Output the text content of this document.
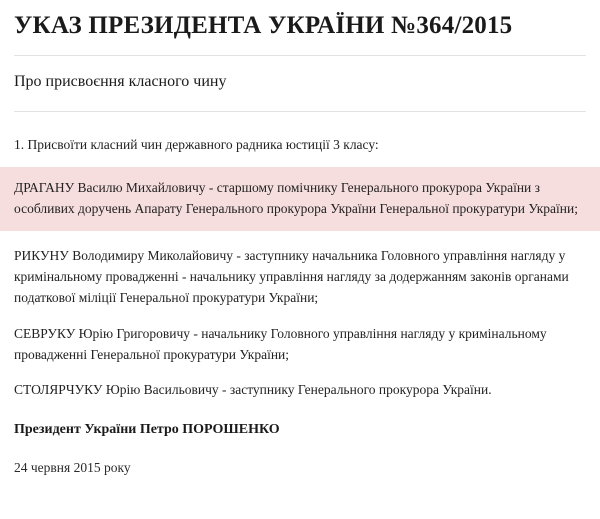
УКАЗ ПРЕЗИДЕНТА УКРАЇНИ №364/2015
Про присвоєння класного чину

1. Присвоїти класний чин державного радника юстиції 3 класу:

ДРАГАНУ Василю Михайловичу - старшому помічнику Генерального прокурора України з особливих доручень Апарату Генерального прокурора України Генеральної прокуратури України;

РИКУНУ Володимиру Миколайовичу - заступнику начальника Головного управління нагляду у кримінальному провадженні - начальнику управління нагляду за додержанням законів органами податкової міліції Генеральної прокуратури України;

СЕВРУКУ Юрію Григоровичу - начальнику Головного управління нагляду у кримінальному провадженні Генеральної прокуратури України;

СТОЛЯРЧУКУ Юрію Васильовичу - заступнику Генерального прокурора України.

Президент України Петро ПОРОШЕНКО

24 червня 2015 року
